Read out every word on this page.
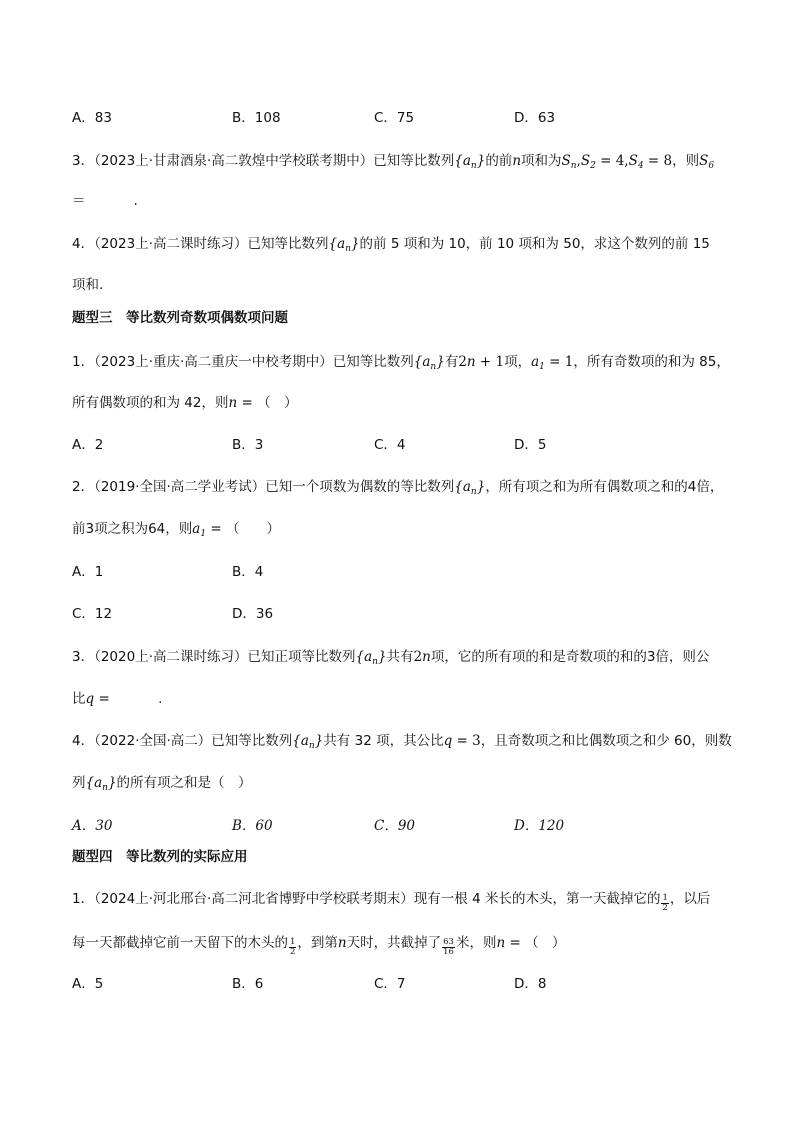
A．83	B．108	C．75	D．63
3．（2023上·甘肃酒泉·高二敦煌中学校联考期中）已知等比数列$\{a_n\}$的前n项和为$S_n,S_2 = 4,S_4 = 8$，则$S_6$
＝	.
4．（2023上·高二课时练习）已知等比数列$\{a_n\}$的前 5 项和为 10，前 10 项和为 50，求这个数列的前 15
项和.
题型三　等比数列奇数项偶数项问题
1．（2023上·重庆·高二重庆一中校考期中）已知等比数列$\{a_n\}$有2n + 1项，$a_1 = 1$，所有奇数项的和为 85，
所有偶数项的和为 42，则n = （　）
A．2	B．3	C．4	D．5
2．（2019·全国·高二学业考试）已知一个项数为偶数的等比数列$\{a_n\}$，所有项之和为所有偶数项之和的4倍，
前3项之积为64，则$a_1$ = （　　）
A．1	B．4
C．12	D．36
3．（2020上·高二课时练习）已知正项等比数列$\{a_n\}$共有2n项，它的所有项的和是奇数项的和的3倍，则公
比q =	.
4．（2022·全国·高二）已知等比数列$\{a_n\}$共有 32 项，其公比q = 3，且奇数项之和比偶数项之和少 60，则数
列$\{a_n\}$的所有项之和是（　）
A．30	B．60	C．90	D．120
题型四　等比数列的实际应用
1．（2024上·河北邢台·高二河北省博野中学校联考期末）现有一根 4 米长的木头，第一天截掉它的 $\frac{1}{2}$ ，以后
每一天都截掉它前一天留下的木头的 $\frac{1}{2}$ ，到第n天时，共截掉了 $\frac{63}{16}$ 米，则n = （　）
A．5	B．6	C．7	D．8
